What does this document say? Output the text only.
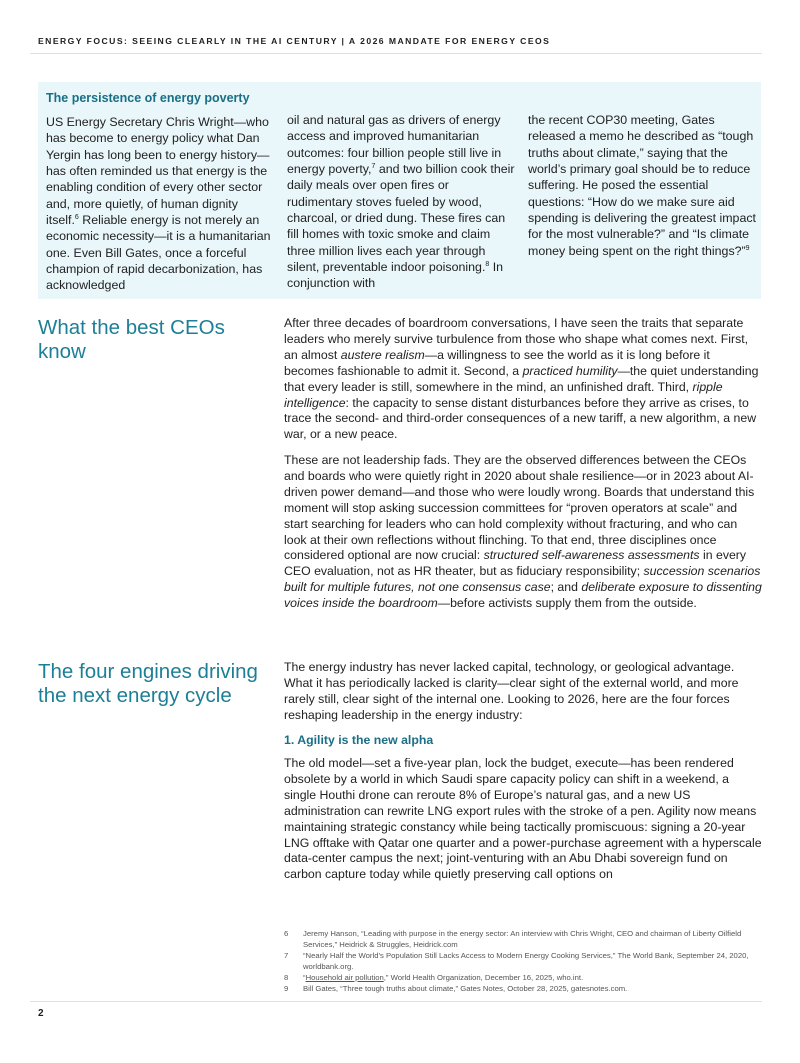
ENERGY FOCUS: SEEING CLEARLY IN THE AI CENTURY | A 2026 MANDATE FOR ENERGY CEOS
The persistence of energy poverty
US Energy Secretary Chris Wright—who has become to energy policy what Dan Yergin has long been to energy history—has often reminded us that energy is the enabling condition of every other sector and, more quietly, of human dignity itself.$^6$ Reliable energy is not merely an economic necessity—it is a humanitarian one. Even Bill Gates, once a forceful champion of rapid decarbonization, has acknowledged
oil and natural gas as drivers of energy access and improved humanitarian outcomes: four billion people still live in energy poverty,$^7$ and two billion cook their daily meals over open fires or rudimentary stoves fueled by wood, charcoal, or dried dung. These fires can fill homes with toxic smoke and claim three million lives each year through silent, preventable indoor poisoning.$^8$ In conjunction with
the recent COP30 meeting, Gates released a memo he described as “tough truths about climate,” saying that the world’s primary goal should be to reduce suffering. He posed the essential questions: “How do we make sure aid spending is delivering the greatest impact for the most vulnerable?” and “Is climate money being spent on the right things?”$^9$
What the best CEOs know

After three decades of boardroom conversations, I have seen the traits that separate leaders who merely survive turbulence from those who shape what comes next. First, an almost austere realism—a willingness to see the world as it is long before it becomes fashionable to admit it. Second, a practiced humility—the quiet understanding that every leader is still, somewhere in the mind, an unfinished draft. Third, ripple intelligence: the capacity to sense distant disturbances before they arrive as crises, to trace the second- and third-order consequences of a new tariff, a new algorithm, a new war, or a new peace.

These are not leadership fads. They are the observed differences between the CEOs and boards who were quietly right in 2020 about shale resilience—or in 2023 about AI-driven power demand—and those who were loudly wrong. Boards that understand this moment will stop asking succession committees for “proven operators at scale” and start searching for leaders who can hold complexity without fracturing, and who can look at their own reflections without flinching. To that end, three disciplines once considered optional are now crucial: structured self-awareness assessments in every CEO evaluation, not as HR theater, but as fiduciary responsibility; succession scenarios built for multiple futures, not one consensus case; and deliberate exposure to dissenting voices inside the boardroom—before activists supply them from the outside.

The four engines driving the next energy cycle
The energy industry has never lacked capital, technology, or geological advantage. What it has periodically lacked is clarity—clear sight of the external world, and more rarely still, clear sight of the internal one. Looking to 2026, here are the four forces reshaping leadership in the energy industry:
1. Agility is the new alpha
The old model—set a five-year plan, lock the budget, execute—has been rendered obsolete by a world in which Saudi spare capacity policy can shift in a weekend, a single Houthi drone can reroute 8% of Europe’s natural gas, and a new US administration can rewrite LNG export rules with the stroke of a pen. Agility now means maintaining strategic constancy while being tactically promiscuous: signing a 20-year LNG offtake with Qatar one quarter and a power-purchase agreement with a hyperscale data-center campus the next; joint-venturing with an Abu Dhabi sovereign fund on carbon capture today while quietly preserving call options on
6	Jeremy Hanson, “Leading with purpose in the energy sector: An interview with Chris Wright, CEO and chairman of Liberty Oilfield Services,” Heidrick & Struggles, Heidrick.com
7	“Nearly Half the World’s Population Still Lacks Access to Modern Energy Cooking Services,” The World Bank, September 24, 2020, worldbank.org.
8	“Household air pollution,” World Health Organization, December 16, 2025, who.int.
9	Bill Gates, “Three tough truths about climate,” Gates Notes, October 28, 2025, gatesnotes.com.
2
